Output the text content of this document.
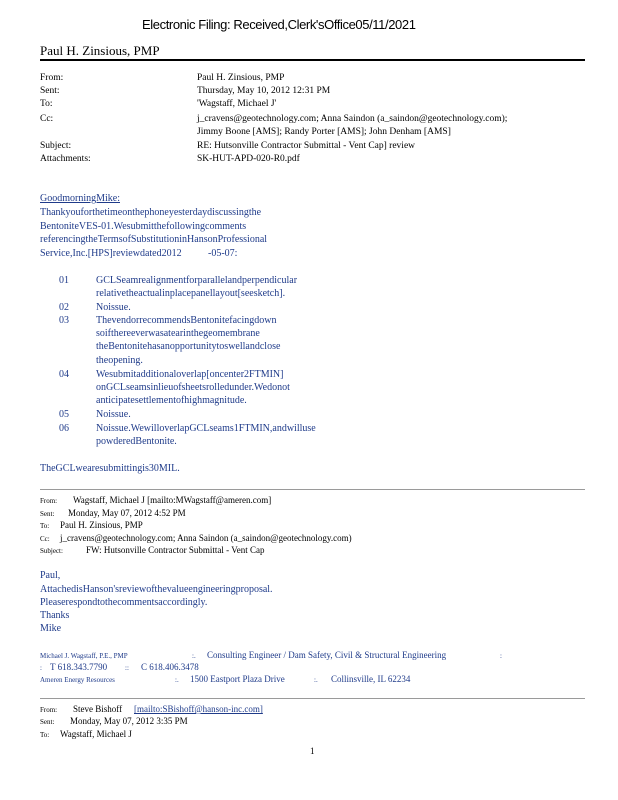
Electronic Filing: Received,Clerk'sOffice05/11/2021
Paul H. Zinsious, PMP
From:	Paul H. Zinsious, PMP
Sent:	Thursday, May 10, 2012 12:31 PM
To:	'Wagstaff, Michael J'
Cc:	j_cravens@geotechnology.com; Anna Saindon (a_saindon@geotechnology.com);
Jimmy Boone [AMS]; Randy Porter [AMS]; John Denham [AMS]
Subject:	RE: Hutsonville Contractor Submittal - Vent Cap] review
Attachments:	SK-HUT-APD-020-R0.pdf
GoodmorningMike:
Thankyouforthetimeonthephoneyesterdaydiscussingthe
BentoniteVES-01.Wesubmitthefollowingcomments
referencingtheTermsofSubstitutioninHansonProfessional
Service,Inc.[HPS]reviewdated2012	-05-07:
01	GCLSeamrealignmentforparallelandperpendicular
relativetheactualinplacepanellayout[seesketch].
02	Noissue.
03	ThevendorrecommendsBentonitefacingdown
soifthereeverwasatearinthegeomembrane
theBentonitehasanopportunitytoswellandclose
theopening.
04	Wesubmitadditionaloverlap[oncenter2FTMIN]
onGCLseamsinlieuofsheetsrolledunder.Wedonot
anticipatesettlementofhighmagnitude.
05	Noissue.
06	Noissue.WewilloverlapGCLseams1FTMIN,andwilluse
powderedBentonite.
TheGCLwearesubmittingis30MIL.
From: Wagstaff, Michael J [mailto:MWagstaff@ameren.com]
Sent: Monday, May 07, 2012 4:52 PM
To: Paul H. Zinsious, PMP
Cc: j_cravens@geotechnology.com; Anna Saindon (a_saindon@geotechnology.com)
Subject:	FW: Hutsonville Contractor Submittal - Vent Cap
Paul,
AttachedisHanson'sreviewofthevalueengineeringproposal.
Pleaserespondtothecommentsaccordingly.
Thanks
Mike
Michael J. Wagstaff, P.E., PMP	:. Consulting Engineer / Dam Safety, Civil & Structural Engineering	:
: T 618.343.7790	:: C 618.406.3478
Ameren Energy Resources	:. 1500 Eastport Plaza Drive	:. Collinsville, IL 62234
From: Steve Bishoff [mailto:SBishoff@hanson-inc.com]
Sent: Monday, May 07, 2012 3:35 PM
To: Wagstaff, Michael J
1
